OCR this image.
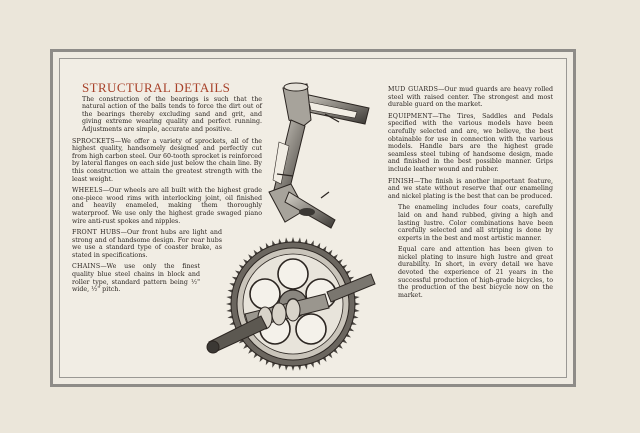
STRUCTURAL DETAILS

The construction of the bearings is such that the natural action of the balls tends to force the dirt out of the bearings thereby excluding sand and grit, and giving extreme wearing quality and perfect running. Adjustments are simple, accurate and positive.

SPROCKETS—We offer a variety of sprockets, all of the highest quality, handsomely designed and perfectly cut from high carbon steel. Our 60-tooth sprocket is reinforced by lateral flanges on each side just below the chain line. By this construction we attain the greatest strength with the least weight.

WHEELS—Our wheels are all built with the highest grade one-piece wood rims with interlocking joint, oil finished and heavily enameled, making them thoroughly waterproof. We use only the highest grade swaged piano wire anti-rust spokes and nipples.

FRONT HUBS—Our front hubs are light and strong and of handsome design. For rear hubs we use a standard type of coaster brake, as stated in specifications.

CHAINS—We use only the finest quality blue steel chains in block and roller type, standard pattern being ½" wide, ½" pitch.

MUD GUARDS—Our mud guards are heavy rolled steel with raised center. The strongest and most durable guard on the market.

EQUIPMENT—The Tires, Saddles and Pedals specified with the various models have been carefully selected and are, we believe, the best obtainable for use in connection with the various models. Handle bars are the highest grade seamless steel tubing of handsome design, made and finished in the best possible manner. Grips include leather wound and rubber.

FINISH—The finish is another important feature, and we state without reserve that our enameling and nickel plating is the best that can be produced.

The enameling includes four coats, carefully laid on and hand rubbed, giving a high and lasting lustre. Color combinations have been carefully selected and all striping is done by experts in the best and most artistic manner.

Equal care and attention has been given to nickel plating to insure high lustre and great durability. In short, in every detail we have devoted the experience of 21 years in the successful production of high-grade bicycles, to the production of the best bicycle now on the market.
